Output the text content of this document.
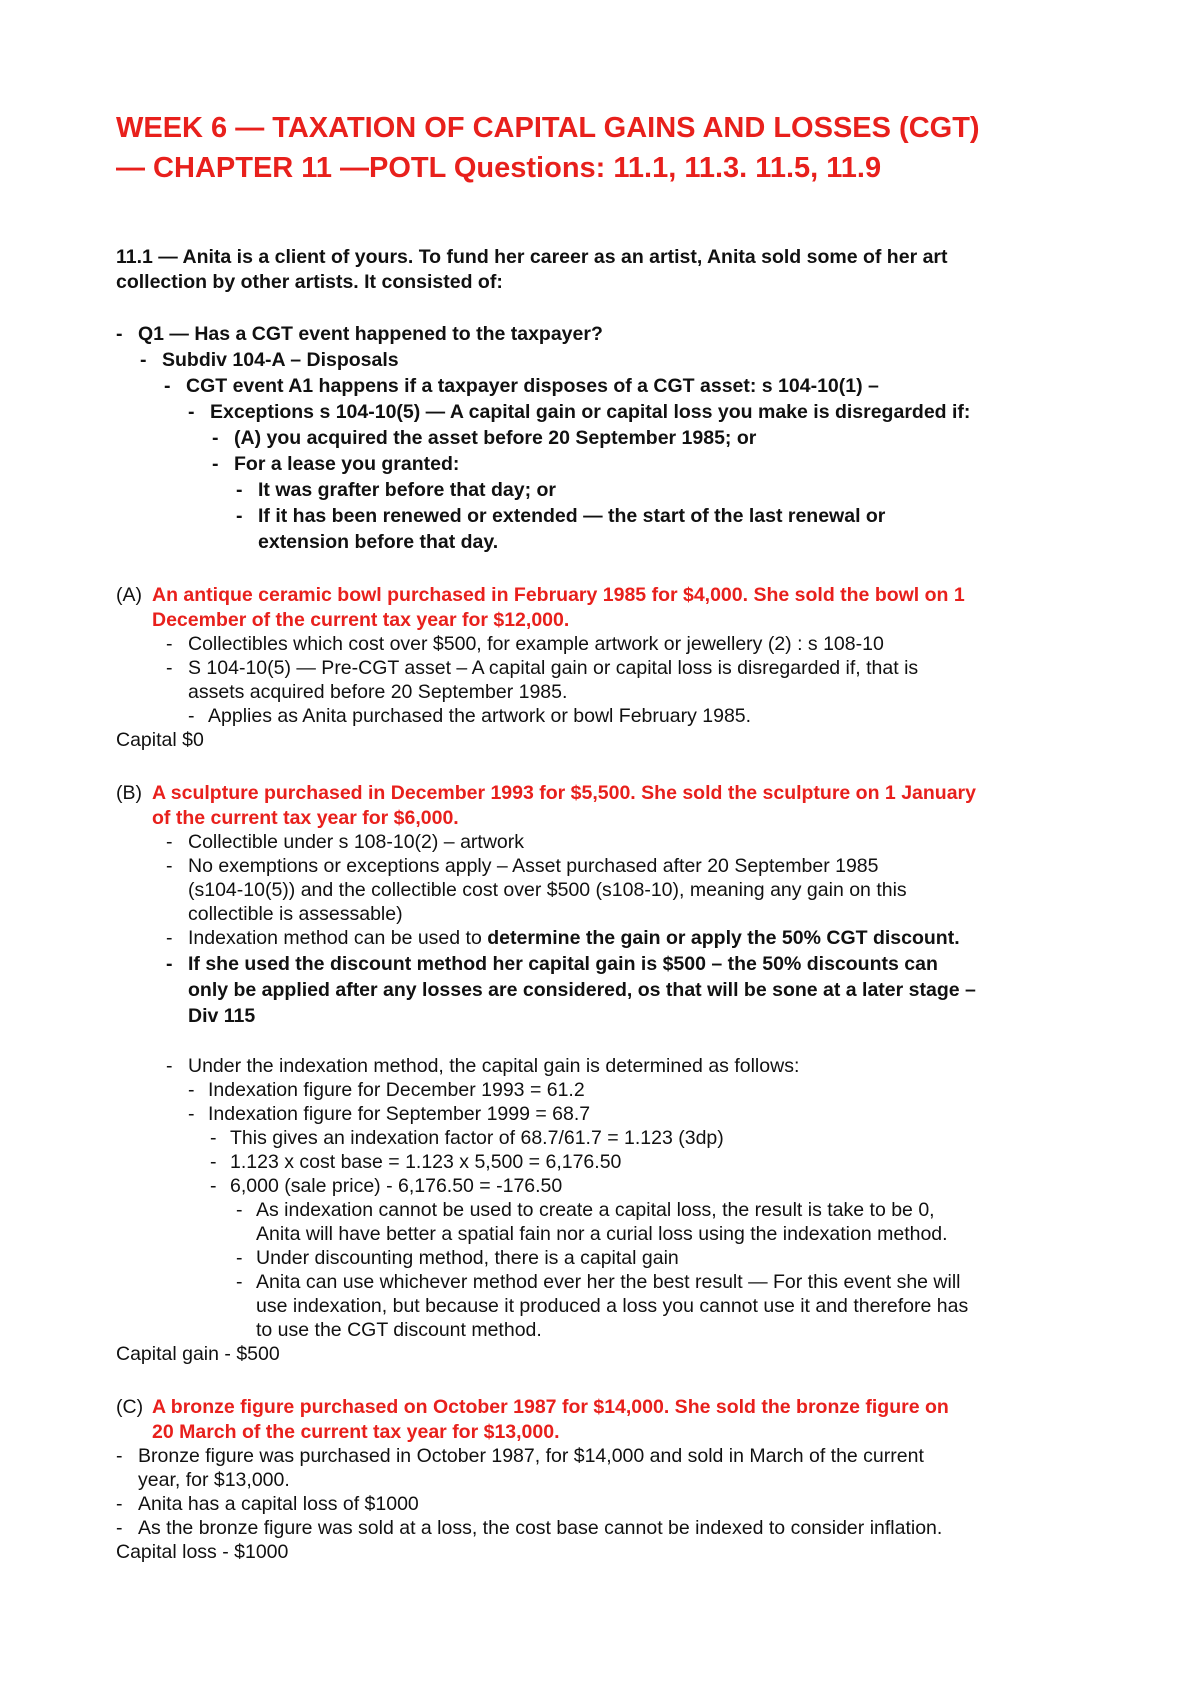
WEEK 6 — TAXATION OF CAPITAL GAINS AND LOSSES (CGT)
— CHAPTER 11 —POTL Questions: 11.1, 11.3. 11.5, 11.9
11.1 — Anita is a client of yours. To fund her career as an artist, Anita sold some of her art
collection by other artists. It consisted of:
- Q1 — Has a CGT event happened to the taxpayer?
- Subdiv 104-A – Disposals
- CGT event A1 happens if a taxpayer disposes of a CGT asset: s 104-10(1) –
- Exceptions s 104-10(5) — A capital gain or capital loss you make is disregarded if:
- (A) you acquired the asset before 20 September 1985; or
- For a lease you granted:
- It was grafter before that day; or
- If it has been renewed or extended — the start of the last renewal or
extension before that day.
(A) An antique ceramic bowl purchased in February 1985 for $4,000. She sold the bowl on 1
December of the current tax year for $12,000.
- Collectibles which cost over $500, for example artwork or jewellery (2) : s 108-10
- S 104-10(5) — Pre-CGT asset – A capital gain or capital loss is disregarded if, that is
assets acquired before 20 September 1985.
- Applies as Anita purchased the artwork or bowl February 1985.
Capital $0
(B) A sculpture purchased in December 1993 for $5,500. She sold the sculpture on 1 January
of the current tax year for $6,000.
- Collectible under s 108-10(2) – artwork
- No exemptions or exceptions apply – Asset purchased after 20 September 1985
(s104-10(5)) and the collectible cost over $500 (s108-10), meaning any gain on this
collectible is assessable)
- Indexation method can be used to determine the gain or apply the 50% CGT discount.
- If she used the discount method her capital gain is $500 – the 50% discounts can
only be applied after any losses are considered, os that will be sone at a later stage –
Div 115
- Under the indexation method, the capital gain is determined as follows:
- Indexation figure for December 1993 = 61.2
- Indexation figure for September 1999 = 68.7
- This gives an indexation factor of 68.7/61.7 = 1.123 (3dp)
- 1.123 x cost base = 1.123 x 5,500 = 6,176.50
- 6,000 (sale price) - 6,176.50 = -176.50
- As indexation cannot be used to create a capital loss, the result is take to be 0,
Anita will have better a spatial fain nor a curial loss using the indexation method.
- Under discounting method, there is a capital gain
- Anita can use whichever method ever her the best result — For this event she will
use indexation, but because it produced a loss you cannot use it and therefore has
to use the CGT discount method.
Capital gain - $500
(C) A bronze figure purchased on October 1987 for $14,000. She sold the bronze figure on
20 March of the current tax year for $13,000.
- Bronze figure was purchased in October 1987, for $14,000 and sold in March of the current
year, for $13,000.
- Anita has a capital loss of $1000
- As the bronze figure was sold at a loss, the cost base cannot be indexed to consider inflation.
Capital loss - $1000
